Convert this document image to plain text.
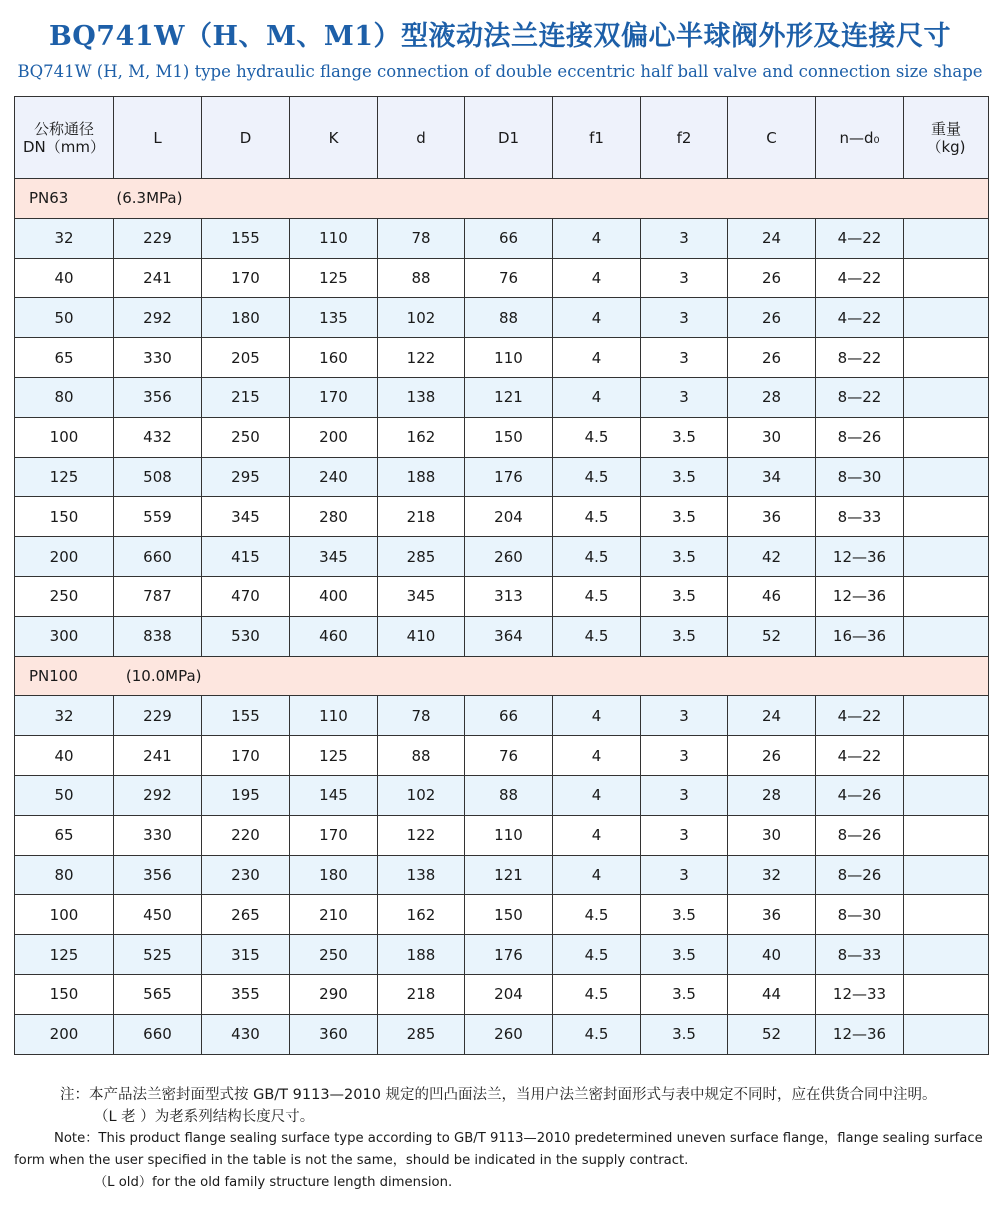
BQ741W（H、M、M1）型液动法兰连接双偏心半球阀外形及连接尺寸
BQ741W (H, M, M1) type hydraulic flange connection of double eccentric half ball valve and connection size shape
公称通径
DN（mm）	L	D	K	d	D1	f1	f2	C	n—d₀	重量
（kg)
PN63 (6.3MPa)										
32	229	155	110	78	66	4	3	24	4—22	
40	241	170	125	88	76	4	3	26	4—22	
50	292	180	135	102	88	4	3	26	4—22	
65	330	205	160	122	110	4	3	26	8—22	
80	356	215	170	138	121	4	3	28	8—22	
100	432	250	200	162	150	4.5	3.5	30	8—26	
125	508	295	240	188	176	4.5	3.5	34	8—30	
150	559	345	280	218	204	4.5	3.5	36	8—33	
200	660	415	345	285	260	4.5	3.5	42	12—36	
250	787	470	400	345	313	4.5	3.5	46	12—36	
300	838	530	460	410	364	4.5	3.5	52	16—36	
PN100 (10.0MPa)										
32	229	155	110	78	66	4	3	24	4—22	
40	241	170	125	88	76	4	3	26	4—22	
50	292	195	145	102	88	4	3	28	4—26	
65	330	220	170	122	110	4	3	30	8—26	
80	356	230	180	138	121	4	3	32	8—26	
100	450	265	210	162	150	4.5	3.5	36	8—30	
125	525	315	250	188	176	4.5	3.5	40	8—33	
150	565	355	290	218	204	4.5	3.5	44	12—33	
200	660	430	360	285	260	4.5	3.5	52	12—36	

注：本产品法兰密封面型式按 GB/T 9113—2010 规定的凹凸面法兰，当用户法兰密封面形式与表中规定不同时，应在供货合同中注明。

（L 老 ）为老系列结构长度尺寸。

Note：This product flange sealing surface type according to GB/T 9113—2010 predetermined uneven surface flange，flange sealing surface form when the user specified in the table is not the same，should be indicated in the supply contract.

（L old）for the old family structure length dimension.
